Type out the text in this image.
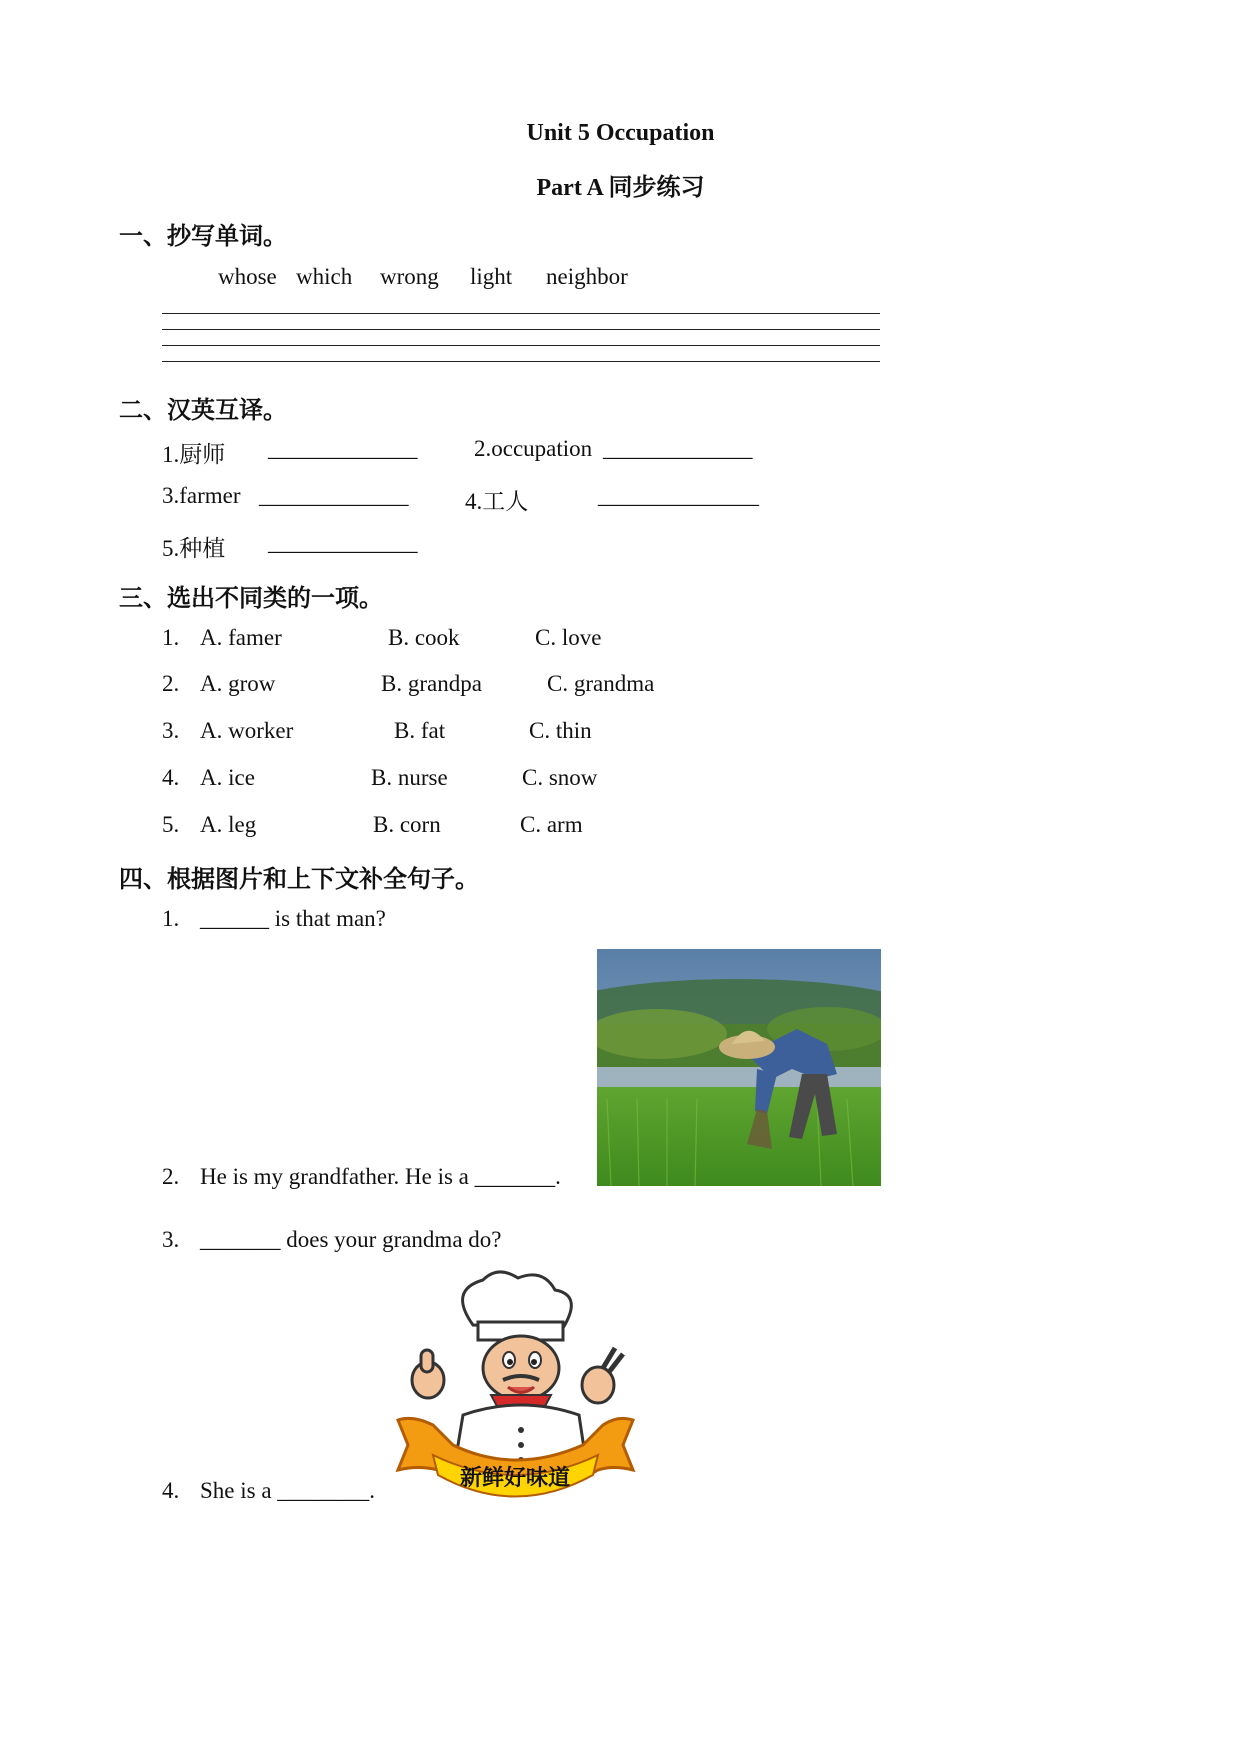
Unit 5 Occupation
Part A 同步练习
一、抄写单词。
whose which wrong light neighbor
二、汉英互译。
1.厨师 _____________ 2.occupation _____________
3.farmer _____________ 4.工人	______________
5.种植 _____________
三、选出不同类的一项。
1. A. famer	B. cook	C. love
2. A. grow	B. grandpa	C. grandma
3. A. worker	B. fat	C. thin
4. A. ice	B. nurse	C. snow
5. A. leg	B. corn	C. arm
四、根据图片和上下文补全句子。
1. ______ is that man?
2. He is my grandfather. He is a _______.
3. _______ does your grandma do?
新鲜好味道
4. She is a ________.
